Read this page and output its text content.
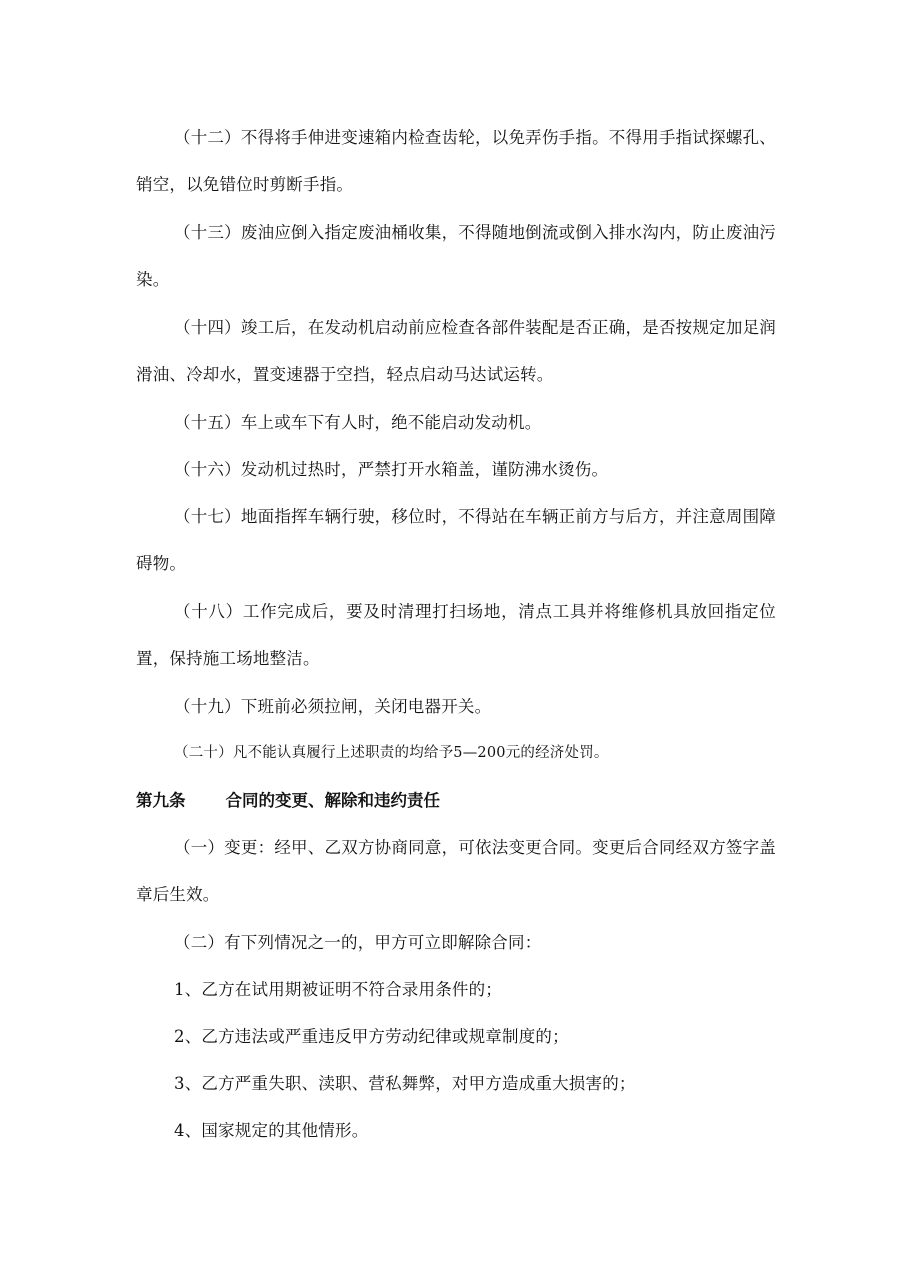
（十二）不得将手伸进变速箱内检查齿轮，以免弄伤手指。不得用手指试探螺孔、销空，以免错位时剪断手指。

（十三）废油应倒入指定废油桶收集，不得随地倒流或倒入排水沟内，防止废油污染。

（十四）竣工后，在发动机启动前应检查各部件装配是否正确，是否按规定加足润滑油、冷却水，置变速器于空挡，轻点启动马达试运转。

（十五）车上或车下有人时，绝不能启动发动机。

（十六）发动机过热时，严禁打开水箱盖，谨防沸水烫伤。

（十七）地面指挥车辆行驶，移位时，不得站在车辆正前方与后方，并注意周围障碍物。

（十八）工作完成后，要及时清理打扫场地，清点工具并将维修机具放回指定位置，保持施工场地整洁。

（十九）下班前必须拉闸，关闭电器开关。

（二十）凡不能认真履行上述职责的均给予5—200元的经济处罚。

第九条 合同的变更、解除和违约责任

（一）变更：经甲、乙双方协商同意，可依法变更合同。变更后合同经双方签字盖章后生效。

（二）有下列情况之一的，甲方可立即解除合同：

1、乙方在试用期被证明不符合录用条件的；

2、乙方违法或严重违反甲方劳动纪律或规章制度的；

3、乙方严重失职、渎职、营私舞弊，对甲方造成重大损害的；

4、国家规定的其他情形。
